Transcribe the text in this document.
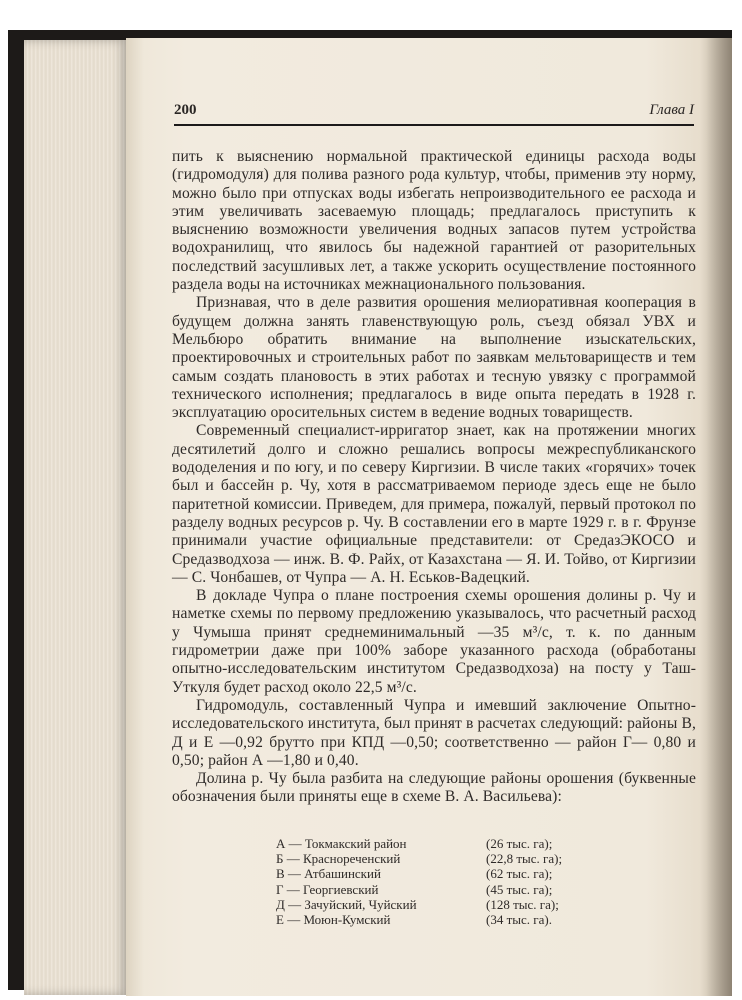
200	Глава I

пить к выяснению нормальной практической единицы расхода воды (гидромодуля) для полива разного рода культур, чтобы, применив эту норму, можно было при отпусках воды избегать непроизводительного ее расхода и этим увеличивать засеваемую площадь; предлагалось приступить к выяснению возможности увеличения водных запасов путем устройства водохранилищ, что явилось бы надежной гарантией от разорительных последствий засушливых лет, а также ускорить осуществление постоянного раздела воды на источниках межнационального пользования.

Признавая, что в деле развития орошения мелиоративная кооперация в будущем должна занять главенствующую роль, съезд обязал УВХ и Мельбюро обратить внимание на выполнение изыскательских, проектировочных и строительных работ по заявкам мельтовариществ и тем самым создать плановость в этих работах и тесную увязку с программой технического исполнения; предлагалось в виде опыта передать в 1928 г. эксплуатацию оросительных систем в ведение водных товариществ.

Современный специалист-ирригатор знает, как на протяжении многих десятилетий долго и сложно решались вопросы межреспубликанского вододеления и по югу, и по северу Киргизии. В числе таких «горячих» точек был и бассейн р. Чу, хотя в рассматриваемом периоде здесь еще не было паритетной комиссии. Приведем, для примера, пожалуй, первый протокол по разделу водных ресурсов р. Чу. В составлении его в марте 1929 г. в г. Фрунзе принимали участие официальные представители: от СредазЭКОСО и Средазводхоза — инж. В. Ф. Райх, от Казахстана — Я. И. Тойво, от Киргизии — С. Чонбашев, от Чупра — А. Н. Еськов-Вадецкий.

В докладе Чупра о плане построения схемы орошения долины р. Чу и наметке схемы по первому предложению указывалось, что расчетный расход у Чумыша принят среднеминимальный —35 м³/с, т. к. по данным гидрометрии даже при 100% заборе указанного расхода (обработаны опытно-исследовательским институтом Средазводхоза) на посту у Таш-Уткуля будет расход около 22,5 м³/с.

Гидромодуль, составленный Чупра и имевший заключение Опытно-исследовательского института, был принят в расчетах следующий: районы В, Д и Е —0,92 брутто при КПД —0,50; соответственно — район Г— 0,80 и 0,50; район А —1,80 и 0,40.

Долина р. Чу была разбита на следующие районы орошения (буквенные обозначения были приняты еще в схеме В. А. Васильева):

А — Токмакский район	(26 тыс. га);
Б — Краснореченский	(22,8 тыс. га);
В — Атбашинский	(62 тыс. га);
Г — Георгиевский	(45 тыс. га);
Д — Зачуйский, Чуйский	(128 тыс. га);
Е — Моюн-Кумский	(34 тыс. га).
